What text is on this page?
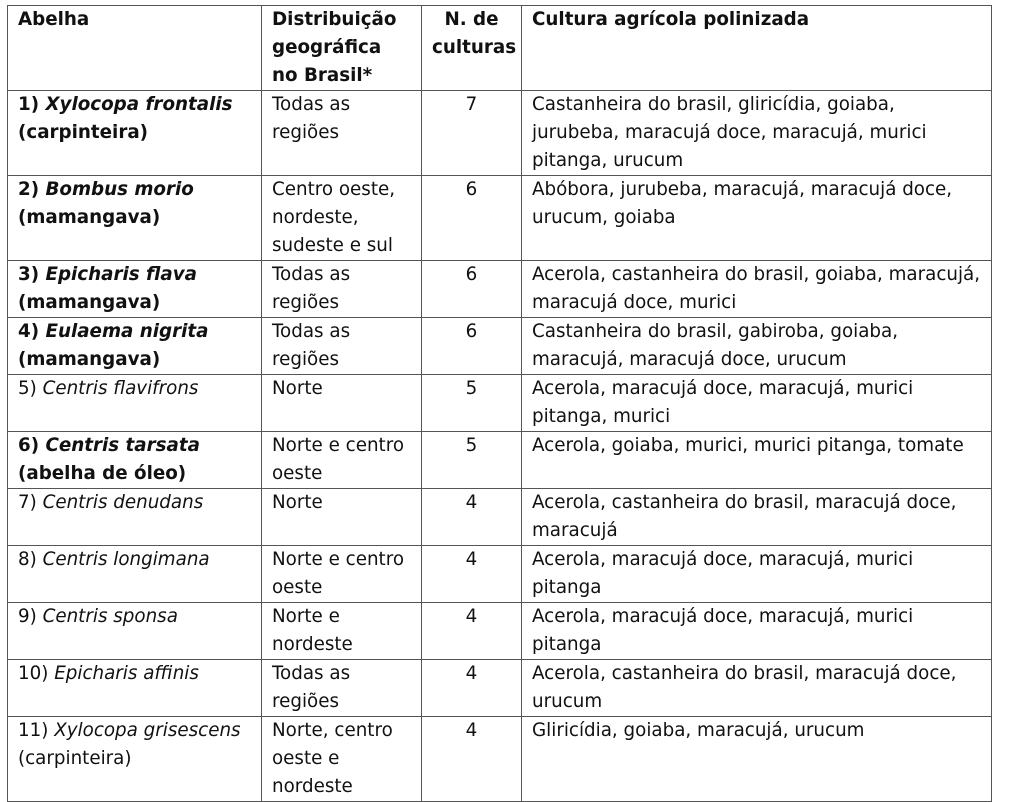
Abelha	Distribuição geográfica no Brasil*	N. de culturas	Cultura agrícola polinizada
1) Xylocopa frontalis
(carpinteira)	Todas as regiões	7	Castanheira do brasil, gliricídia, goiaba, jurubeba, maracujá doce, maracujá, murici pitanga, urucum
2) Bombus morio
(mamangava)	Centro oeste, nordeste, sudeste e sul	6	Abóbora, jurubeba, maracujá, maracujá doce, urucum, goiaba
3) Epicharis flava
(mamangava)	Todas as regiões	6	Acerola, castanheira do brasil, goiaba, maracujá, maracujá doce, murici
4) Eulaema nigrita
(mamangava)	Todas as regiões	6	Castanheira do brasil, gabiroba, goiaba, maracujá, maracujá doce, urucum
5) Centris flavifrons	Norte	5	Acerola, maracujá doce, maracujá, murici pitanga, murici
6) Centris tarsata
(abelha de óleo)	Norte e centro oeste	5	Acerola, goiaba, murici, murici pitanga, tomate
7) Centris denudans	Norte	4	Acerola, castanheira do brasil, maracujá doce, maracujá
8) Centris longimana	Norte e centro oeste	4	Acerola, maracujá doce, maracujá, murici pitanga
9) Centris sponsa	Norte e nordeste	4	Acerola, maracujá doce, maracujá, murici pitanga
10) Epicharis affinis	Todas as regiões	4	Acerola, castanheira do brasil, maracujá doce, urucum
11) Xylocopa grisescens
(carpinteira)	Norte, centro oeste e nordeste	4	Gliricídia, goiaba, maracujá, urucum
